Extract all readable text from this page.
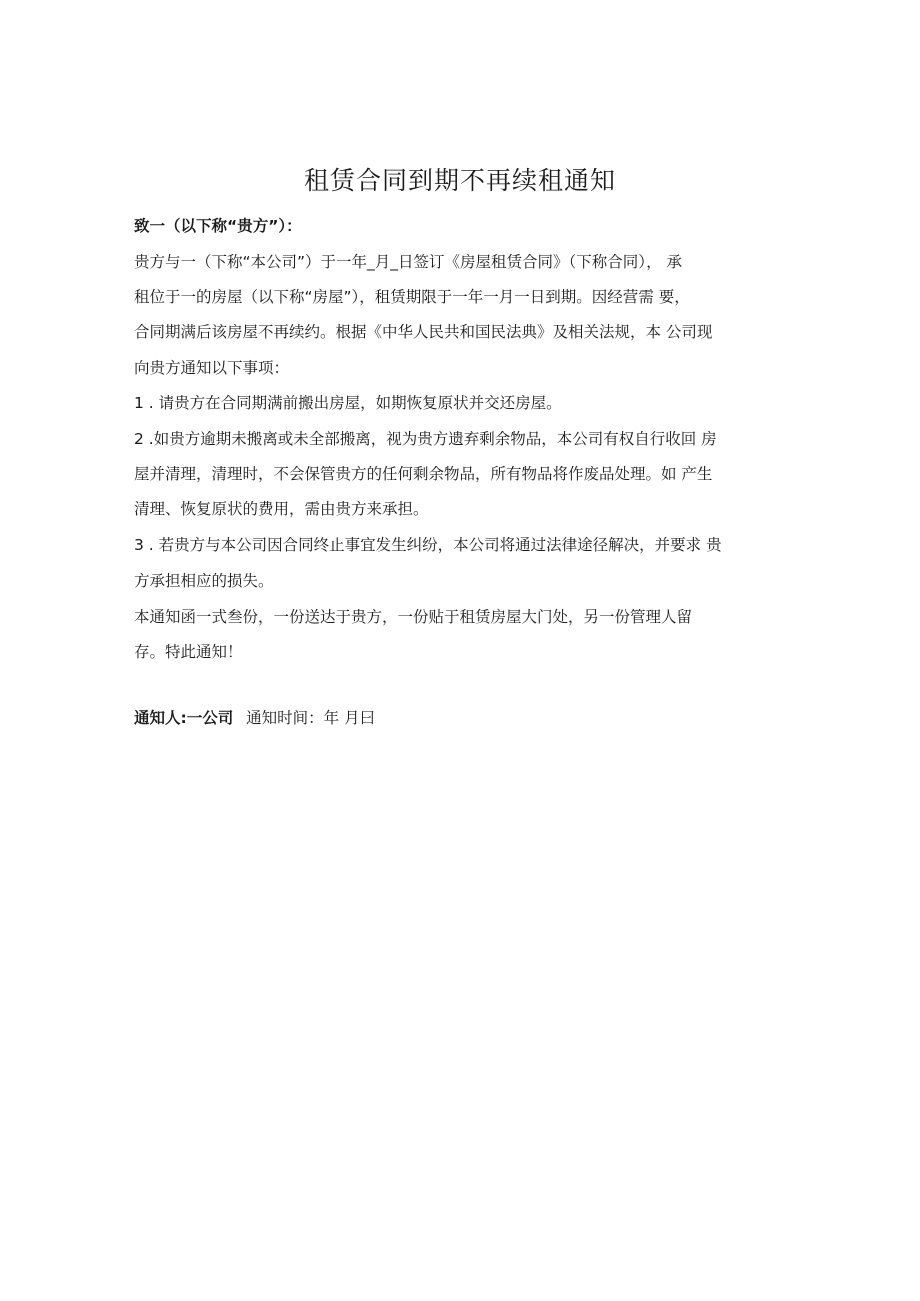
租赁合同到期不再续租通知

致一（以下称“贵方”）：

贵方与一（下称“本公司”）于一年_月_日签订《房屋租赁合同》（下称合同）， 承

租位于一的房屋（以下称“房屋”），租赁期限于一年一月一日到期。因经营需 要，

合同期满后该房屋不再续约。根据《中华人民共和国民法典》及相关法规，本 公司现

向贵方通知以下事项：

1 . 请贵方在合同期满前搬出房屋，如期恢复原状并交还房屋。

2 .如贵方逾期未搬离或未全部搬离，视为贵方遗弃剩余物品，本公司有权自行收回 房

屋并清理，清理时，不会保管贵方的任何剩余物品，所有物品将作废品处理。如 产生

清理、恢复原状的费用，需由贵方来承担。

3 . 若贵方与本公司因合同终止事宜发生纠纷，本公司将通过法律途径解决，并要求 贵

方承担相应的损失。

本通知函一式叁份，一份送达于贵方，一份贴于租赁房屋大门处，另一份管理人留

存。特此通知！

通知人:一公司 通知时间：年 月曰
